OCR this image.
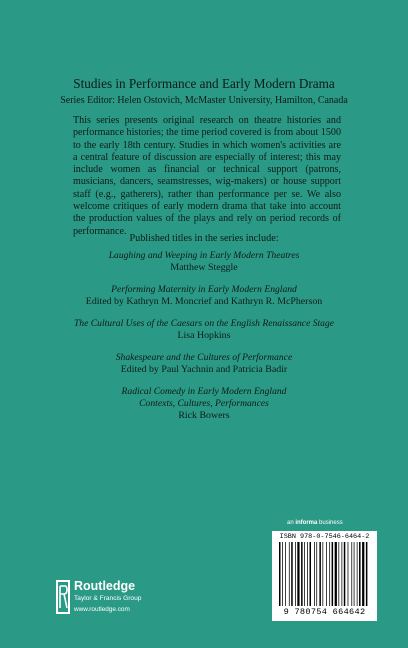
Studies in Performance and Early Modern Drama
Series Editor: Helen Ostovich, McMaster University, Hamilton, Canada
This series presents original research on theatre histories and performance histories; the time period covered is from about 1500 to the early 18th century. Studies in which women's activities are a central feature of discussion are especially of interest; this may include women as financial or technical support (patrons, musicians, dancers, seamstresses, wig-makers) or house support staff (e.g., gatherers), rather than performance per se. We also welcome critiques of early modern drama that take into account the production values of the plays and rely on period records of performance.
Published titles in the series include:
Laughing and Weeping in Early Modern Theatres
Matthew Steggle
Performing Maternity in Early Modern England
Edited by Kathryn M. Moncrief and Kathryn R. McPherson
The Cultural Uses of the Caesars on the English Renaissance Stage
Lisa Hopkins
Shakespeare and the Cultures of Performance
Edited by Paul Yachnin and Patricia Badir
Radical Comedy in Early Modern England
Contexts, Cultures, Performances
Rick Bowers
an informa business
ISBN 978-0-7546-6464-2
9 780754 664642
Routledge
Taylor & Francis Group
www.routledge.com
